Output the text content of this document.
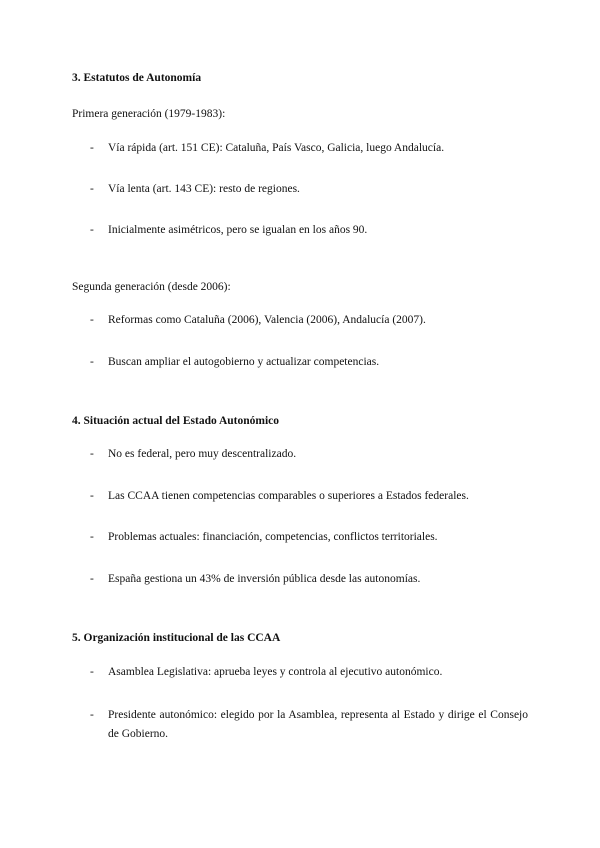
3. Estatutos de Autonomía
Primera generación (1979-1983):
-	Vía rápida (art. 151 CE): Cataluña, País Vasco, Galicia, luego Andalucía.
-	Vía lenta (art. 143 CE): resto de regiones.
-	Inicialmente asimétricos, pero se igualan en los años 90.
Segunda generación (desde 2006):
-	Reformas como Cataluña (2006), Valencia (2006), Andalucía (2007).
-	Buscan ampliar el autogobierno y actualizar competencias.
4. Situación actual del Estado Autonómico
-	No es federal, pero muy descentralizado.
-	Las CCAA tienen competencias comparables o superiores a Estados federales.
-	Problemas actuales: financiación, competencias, conflictos territoriales.
-	España gestiona un 43% de inversión pública desde las autonomías.
5. Organización institucional de las CCAA
-	Asamblea Legislativa: aprueba leyes y controla al ejecutivo autonómico.
-	Presidente autonómico: elegido por la Asamblea, representa al Estado y dirige el Consejo de Gobierno.
